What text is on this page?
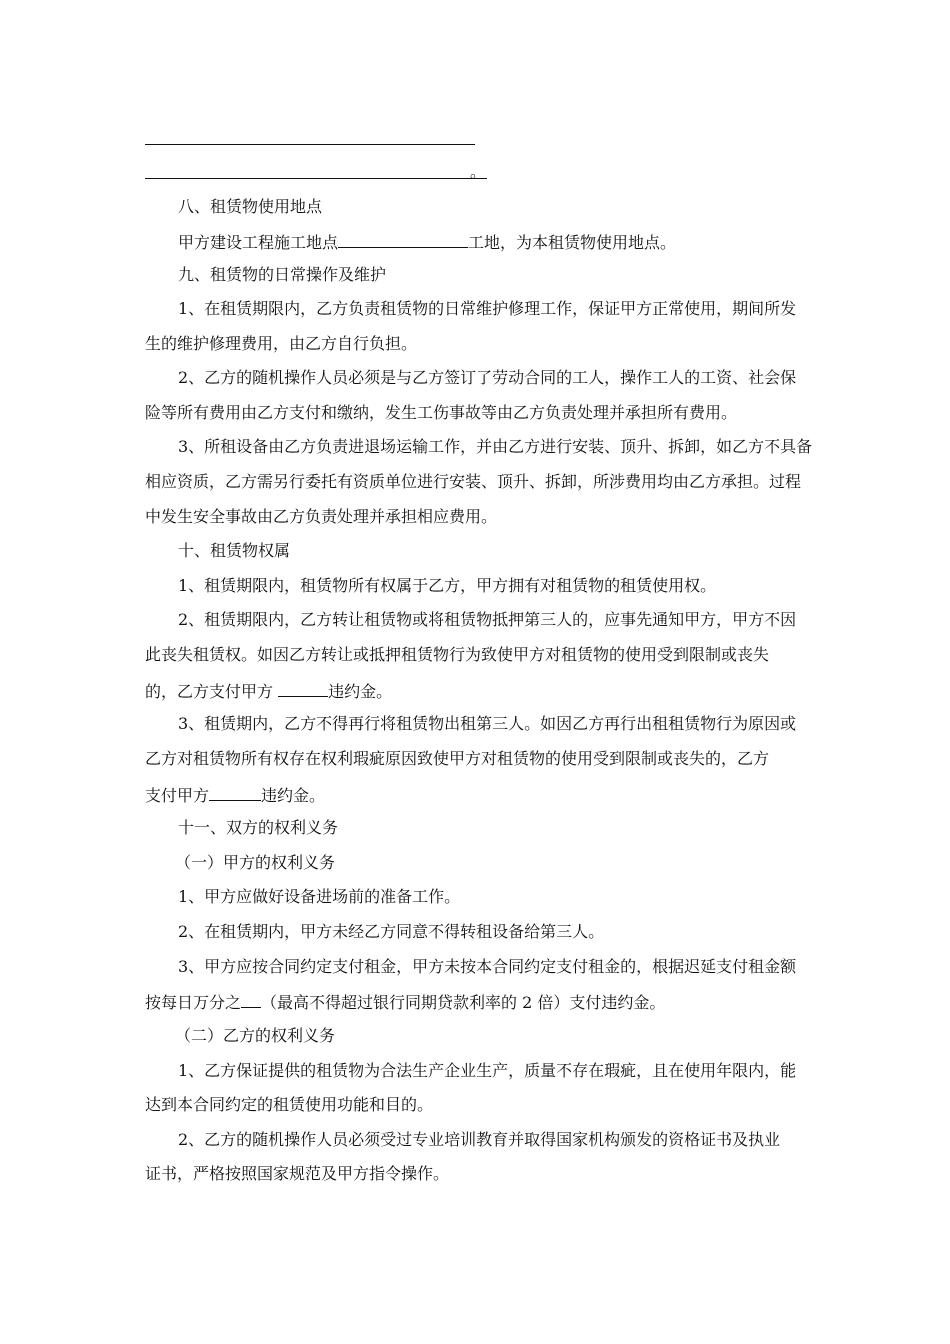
。
八、租赁物使用地点
甲方建设工程施工地点	工地，为本租赁物使用地点。
九、租赁物的日常操作及维护
1、在租赁期限内，乙方负责租赁物的日常维护修理工作，保证甲方正常使用，期间所发
生的维护修理费用，由乙方自行负担。
2、乙方的随机操作人员必须是与乙方签订了劳动合同的工人，操作工人的工资、社会保
险等所有费用由乙方支付和缴纳，发生工伤事故等由乙方负责处理并承担所有费用。
3、所租设备由乙方负责进退场运输工作，并由乙方进行安装、顶升、拆卸，如乙方不具备
相应资质，乙方需另行委托有资质单位进行安装、顶升、拆卸，所涉费用均由乙方承担。过程
中发生安全事故由乙方负责处理并承担相应费用。
十、租赁物权属
1、租赁期限内，租赁物所有权属于乙方，甲方拥有对租赁物的租赁使用权。
2、租赁期限内，乙方转让租赁物或将租赁物抵押第三人的，应事先通知甲方，甲方不因
此丧失租赁权。如因乙方转让或抵押租赁物行为致使甲方对租赁物的使用受到限制或丧失
的，乙方支付甲方	违约金。
3、租赁期内，乙方不得再行将租赁物出租第三人。如因乙方再行出租租赁物行为原因或
乙方对租赁物所有权存在权利瑕疵原因致使甲方对租赁物的使用受到限制或丧失的，乙方
支付甲方	违约金。
十一、双方的权利义务
（一）甲方的权利义务
1、甲方应做好设备进场前的准备工作。
2、在租赁期内，甲方未经乙方同意不得转租设备给第三人。
3、甲方应按合同约定支付租金，甲方未按本合同约定支付租金的，根据迟延支付租金额
按每日万分之 （最高不得超过银行同期贷款利率的 2 倍）支付违约金。
（二）乙方的权利义务
1、乙方保证提供的租赁物为合法生产企业生产，质量不存在瑕疵，且在使用年限内，能
达到本合同约定的租赁使用功能和目的。
2、乙方的随机操作人员必须受过专业培训教育并取得国家机构颁发的资格证书及执业
证书，严格按照国家规范及甲方指令操作。
